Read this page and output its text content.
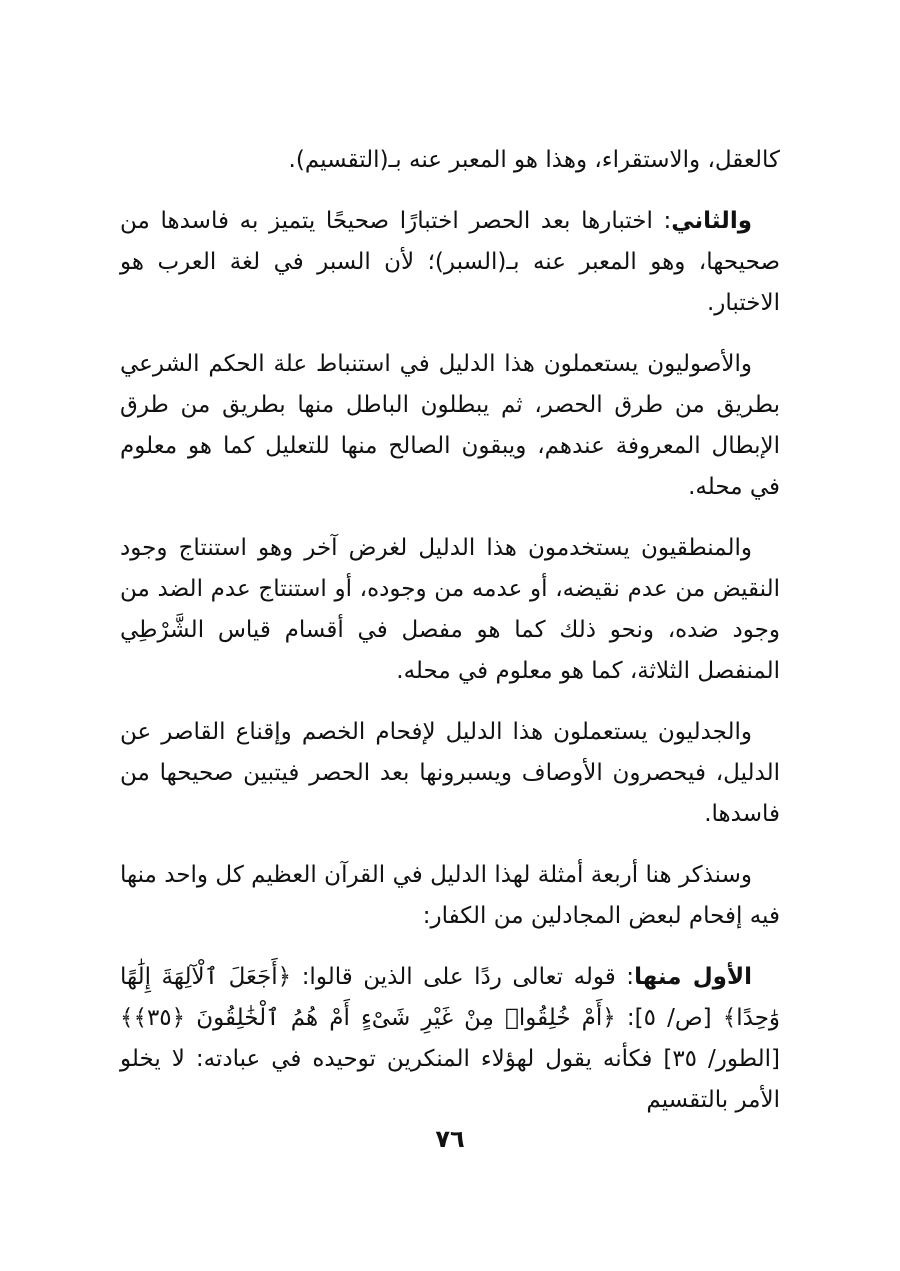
كالعقل، والاستقراء، وهذا هو المعبر عنه بـ(التقسيم).

والثاني: اختبارها بعد الحصر اختبارًا صحيحًا يتميز به فاسدها من صحيحها، وهو المعبر عنه بـ(السبر)؛ لأن السبر في لغة العرب هو الاختبار.

والأصوليون يستعملون هذا الدليل في استنباط علة الحكم الشرعي بطريق من طرق الحصر، ثم يبطلون الباطل منها بطريق من طرق الإبطال المعروفة عندهم، ويبقون الصالح منها للتعليل كما هو معلوم في محله.

والمنطقيون يستخدمون هذا الدليل لغرض آخر وهو استنتاج وجود النقيض من عدم نقيضه، أو عدمه من وجوده، أو استنتاج عدم الضد من وجود ضده، ونحو ذلك كما هو مفصل في أقسام قياس الشَّرْطِي المنفصل الثلاثة، كما هو معلوم في محله.

والجدليون يستعملون هذا الدليل لإفحام الخصم وإقناع القاصر عن الدليل، فيحصرون الأوصاف ويسبرونها بعد الحصر فيتبين صحيحها من فاسدها.

وسنذكر هنا أربعة أمثلة لهذا الدليل في القرآن العظيم كل واحد منها فيه إفحام لبعض المجادلين من الكفار:

الأول منها: قوله تعالى ردًا على الذين قالوا: ﴿أَجَعَلَ ٱلْآلِهَةَ إِلَٰهًا وَٰحِدًا﴾ [ص/ ٥]: ﴿أَمْ خُلِقُوا۟ مِنْ غَيْرِ شَىْءٍ أَمْ هُمُ ٱلْخَٰلِقُونَ ﴿٣٥﴾﴾ [الطور/ ٣٥] فكأنه يقول لهؤلاء المنكرين توحيده في عبادته: لا يخلو الأمر بالتقسيم

٧٦
